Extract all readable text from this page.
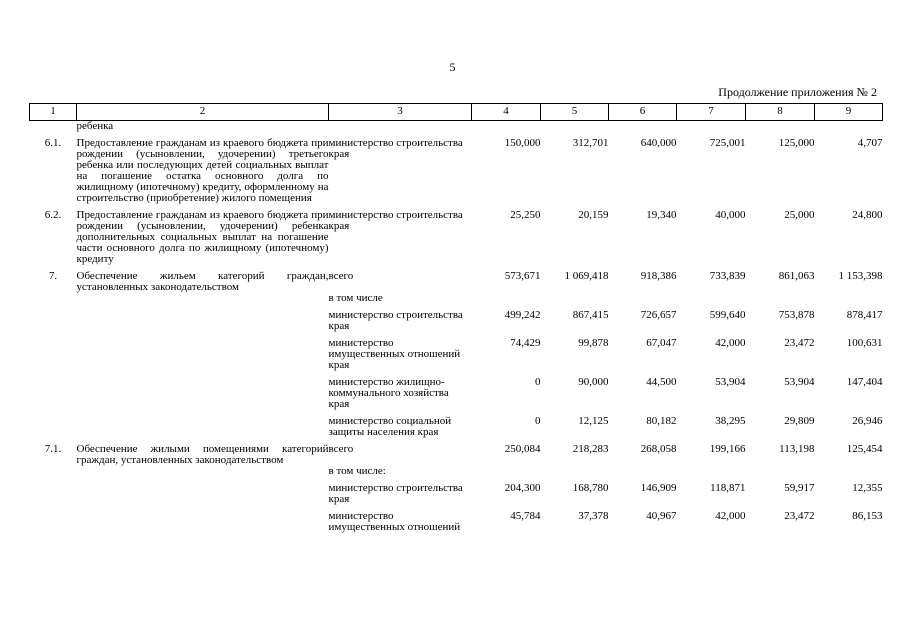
5
Продолжение приложения № 2
1	2	3	4	5	6	7	8	9
	ребенка							

6.1.	Предоставление гражданам из краевого бюджета при рождении (усыновлении, удочерении) третьего ребенка или последующих детей социальных выплат на погашение остатка основного долга по жилищному (ипотечному) кредиту, оформленному на строительство (приобретение) жилого помещения	министерство строительства края	150,000	312,701	640,000	725,001	125,000	4,707

6.2.	Предоставление гражданам из краевого бюджета при рождении (усыновлении, удочерении) ребенка дополнительных социальных выплат на погашение части основного долга по жилищному (ипотечному) кредиту	министерство строительства края	25,250	20,159	19,340	40,000	25,000	24,800

7.	Обеспечение жильем категорий граждан, установленных законодательством	всего	573,671	1 069,418	918,386	733,839	861,063	1 153,398
		в том числе						

		министерство строительства края	499,242	867,415	726,657	599,640	753,878	878,417

		министерство имущественных отношений края	74,429	99,878	67,047	42,000	23,472	100,631

		министерство жилищно-коммунального хозяйства края	0	90,000	44,500	53,904	53,904	147,404

		министерство социальной защиты населения края	0	12,125	80,182	38,295	29,809	26,946

7.1.	Обеспечение жилыми помещениями категорий граждан, установленных законодательством	всего	250,084	218,283	268,058	199,166	113,198	125,454
		в том числе:						

		министерство строительства края	204,300	168,780	146,909	118,871	59,917	12,355

		министерство имущественных отношений	45,784	37,378	40,967	42,000	23,472	86,153
